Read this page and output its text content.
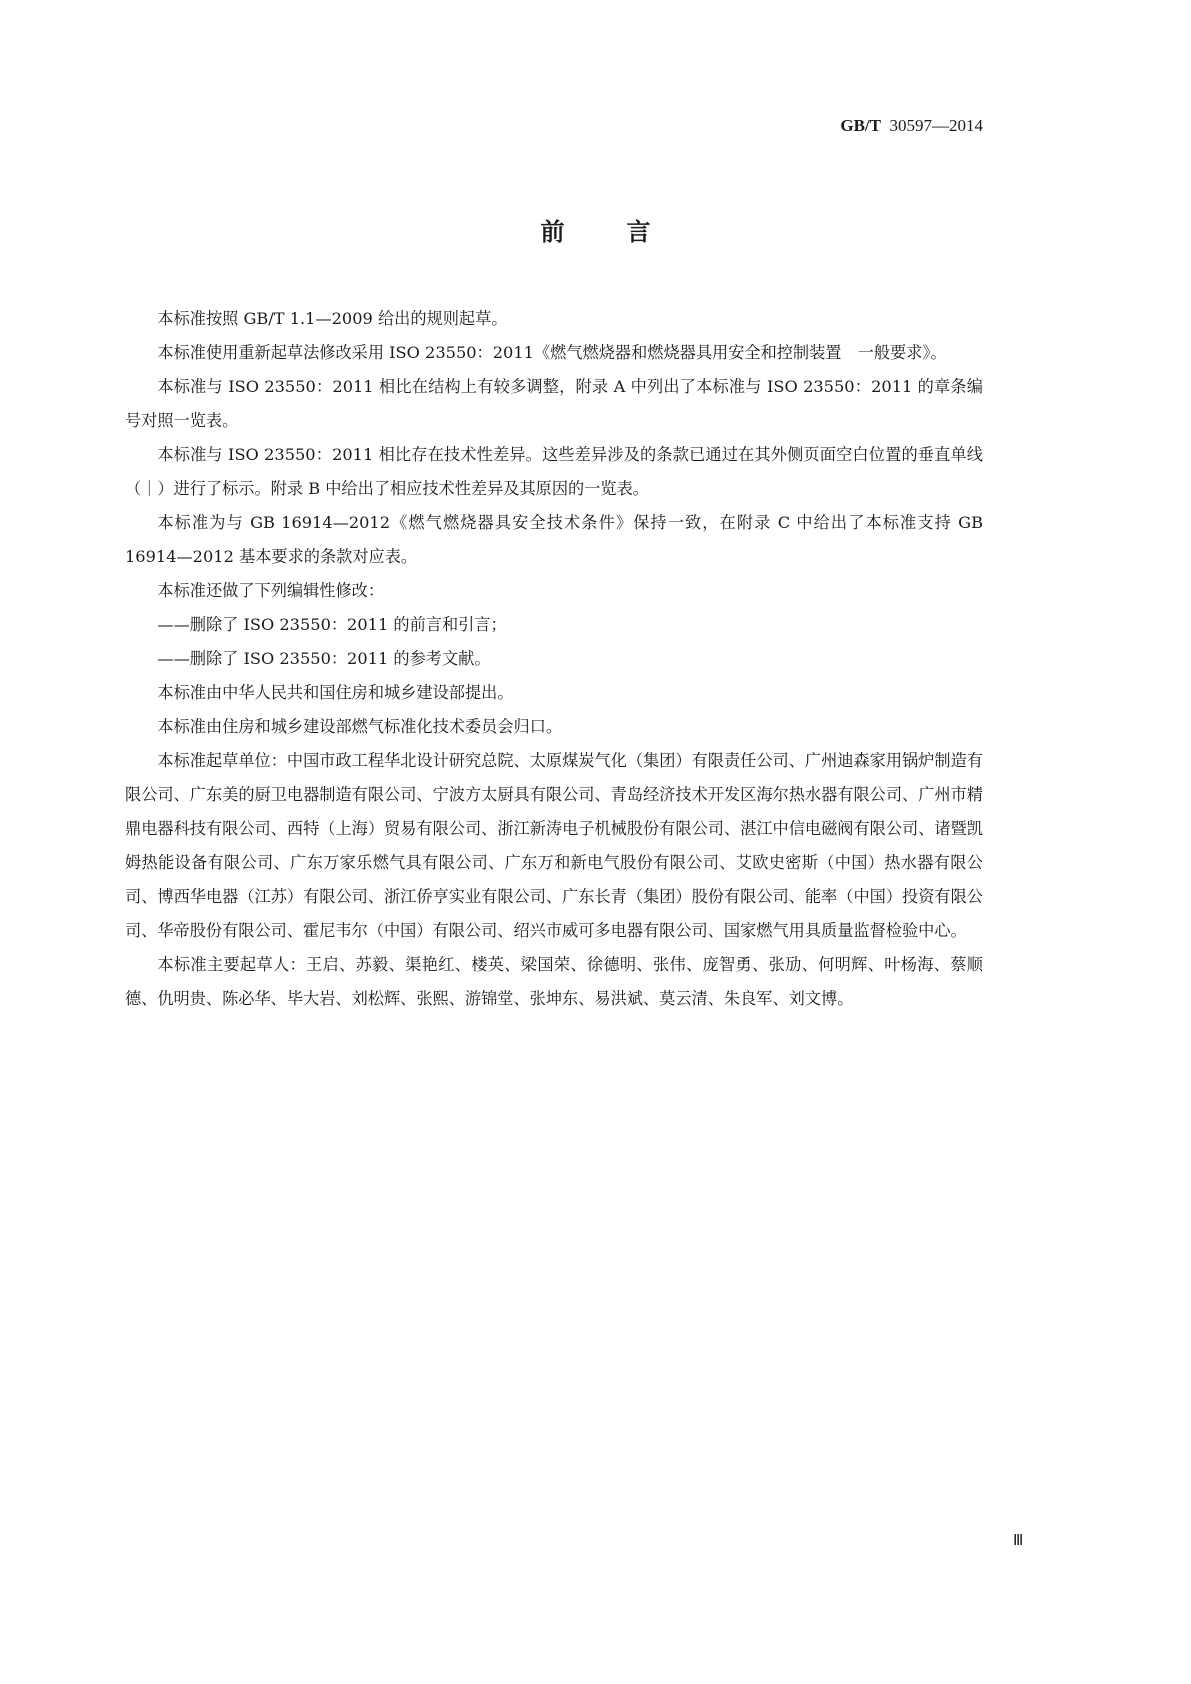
GB/T 30597—2014
前言

本标准按照 GB/T 1.1—2009 给出的规则起草。

本标准使用重新起草法修改采用 ISO 23550：2011《燃气燃烧器和燃烧器具用安全和控制装置　一般要求》。

本标准与 ISO 23550：2011 相比在结构上有较多调整，附录 A 中列出了本标准与 ISO 23550：2011 的章条编号对照一览表。

本标准与 ISO 23550：2011 相比存在技术性差异。这些差异涉及的条款已通过在其外侧页面空白位置的垂直单线（｜）进行了标示。附录 B 中给出了相应技术性差异及其原因的一览表。

本标准为与 GB 16914—2012《燃气燃烧器具安全技术条件》保持一致，在附录 C 中给出了本标准支持 GB 16914—2012 基本要求的条款对应表。

本标准还做了下列编辑性修改：

——删除了 ISO 23550：2011 的前言和引言；

——删除了 ISO 23550：2011 的参考文献。

本标准由中华人民共和国住房和城乡建设部提出。

本标准由住房和城乡建设部燃气标准化技术委员会归口。

本标准起草单位：中国市政工程华北设计研究总院、太原煤炭气化（集团）有限责任公司、广州迪森家用锅炉制造有限公司、广东美的厨卫电器制造有限公司、宁波方太厨具有限公司、青岛经济技术开发区海尔热水器有限公司、广州市精鼎电器科技有限公司、西特（上海）贸易有限公司、浙江新涛电子机械股份有限公司、湛江中信电磁阀有限公司、诸暨凯姆热能设备有限公司、广东万家乐燃气具有限公司、广东万和新电气股份有限公司、艾欧史密斯（中国）热水器有限公司、博西华电器（江苏）有限公司、浙江侨亨实业有限公司、广东长青（集团）股份有限公司、能率（中国）投资有限公司、华帝股份有限公司、霍尼韦尔（中国）有限公司、绍兴市威可多电器有限公司、国家燃气用具质量监督检验中心。

本标准主要起草人：王启、苏毅、渠艳红、楼英、梁国荣、徐德明、张伟、庞智勇、张劢、何明辉、叶杨海、蔡顺德、仇明贵、陈必华、毕大岩、刘松辉、张熙、游锦堂、张坤东、易洪斌、莫云清、朱良军、刘文博。

Ⅲ
